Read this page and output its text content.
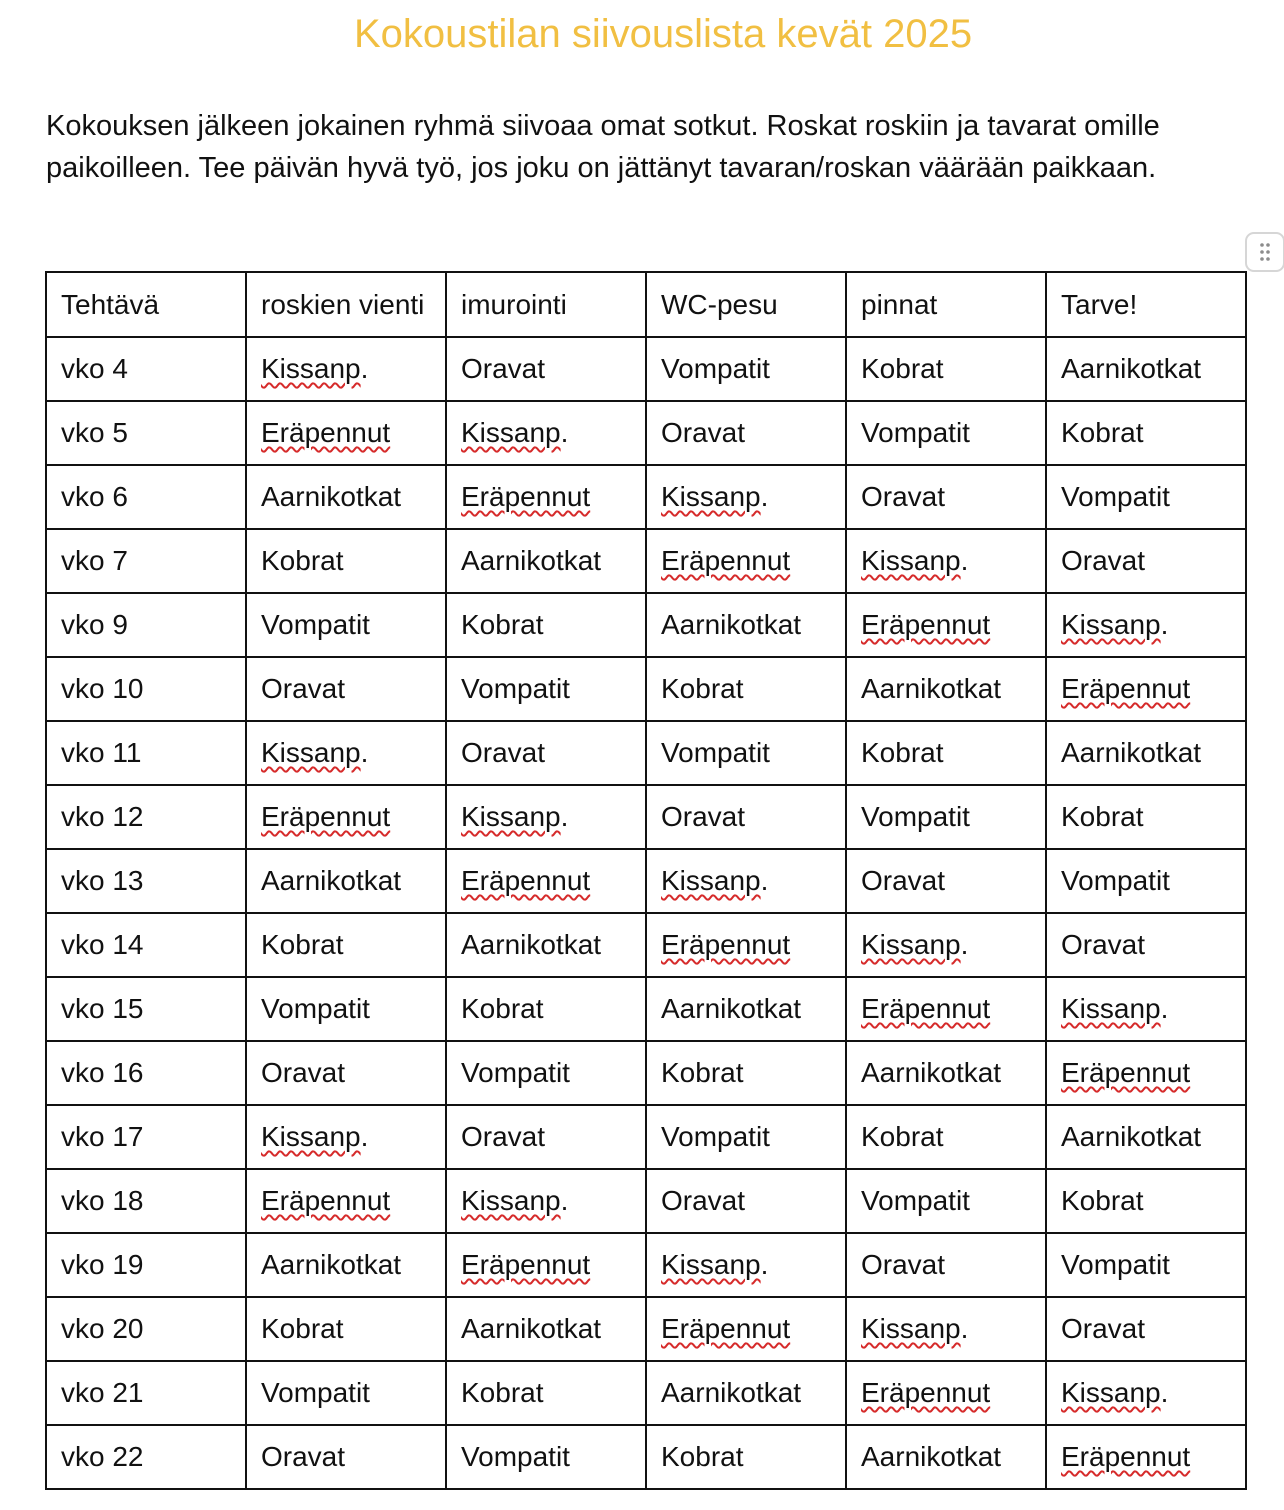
Kokoustilan siivouslista kevät 2025

Kokouksen jälkeen jokainen ryhmä siivoaa omat sotkut. Roskat roskiin ja tavarat omille paikoilleen. Tee päivän hyvä työ, jos joku on jättänyt tavaran/roskan väärään paikkaan.

Tehtävä	roskien vienti	imurointi	WC-pesu	pinnat	Tarve!
vko 4	Kissanp.	Oravat	Vompatit	Kobrat	Aarnikotkat
vko 5	Eräpennut	Kissanp.	Oravat	Vompatit	Kobrat
vko 6	Aarnikotkat	Eräpennut	Kissanp.	Oravat	Vompatit
vko 7	Kobrat	Aarnikotkat	Eräpennut	Kissanp.	Oravat
vko 9	Vompatit	Kobrat	Aarnikotkat	Eräpennut	Kissanp.
vko 10	Oravat	Vompatit	Kobrat	Aarnikotkat	Eräpennut
vko 11	Kissanp.	Oravat	Vompatit	Kobrat	Aarnikotkat
vko 12	Eräpennut	Kissanp.	Oravat	Vompatit	Kobrat
vko 13	Aarnikotkat	Eräpennut	Kissanp.	Oravat	Vompatit
vko 14	Kobrat	Aarnikotkat	Eräpennut	Kissanp.	Oravat
vko 15	Vompatit	Kobrat	Aarnikotkat	Eräpennut	Kissanp.
vko 16	Oravat	Vompatit	Kobrat	Aarnikotkat	Eräpennut
vko 17	Kissanp.	Oravat	Vompatit	Kobrat	Aarnikotkat
vko 18	Eräpennut	Kissanp.	Oravat	Vompatit	Kobrat
vko 19	Aarnikotkat	Eräpennut	Kissanp.	Oravat	Vompatit
vko 20	Kobrat	Aarnikotkat	Eräpennut	Kissanp.	Oravat
vko 21	Vompatit	Kobrat	Aarnikotkat	Eräpennut	Kissanp.
vko 22	Oravat	Vompatit	Kobrat	Aarnikotkat	Eräpennut
